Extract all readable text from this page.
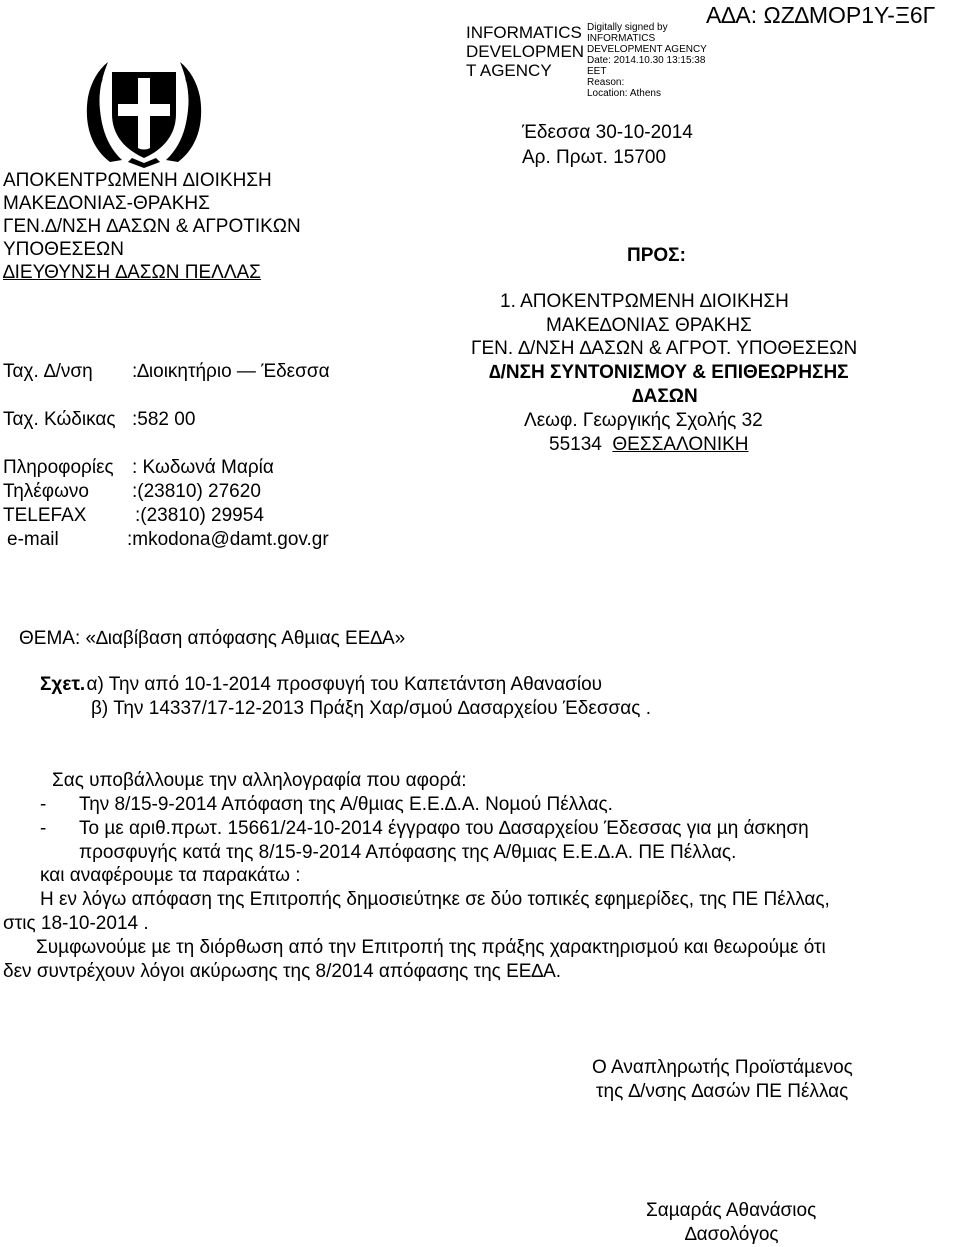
Α∆Α: ΩΖ∆ΜΟΡ1Υ-Ξ6Γ
INFORMATICS
DEVELOPMEN
T AGENCY
Digitally signed by
INFORMATICS
DEVELOPMENT AGENCY
Date: 2014.10.30 13:15:38
EET
Reason:
Location: Athens
ΑΠΟΚΕΝΤΡΩΜΕΝΗ ∆ΙΟΙΚΗΣΗ
ΜΑΚΕ∆ΟΝΙΑΣ-ΘΡΑΚΗΣ
ΓΕΝ.∆/ΝΣΗ ∆ΑΣΩΝ & ΑΓΡΟΤΙΚΩΝ
ΥΠΟΘΕΣΕΩΝ
∆ΙΕΥΘΥΝΣΗ ∆ΑΣΩΝ ΠΕΛΛΑΣ
Έδεσσα 30-10-2014
Αρ. Πρωτ. 15700
Ταχ. ∆/νση :∆ιοικητήριο — Έδεσσα
Ταχ. Κώδικας :582 00
Πληροφορίες : Κωδωνά Μαρία
Τηλέφωνο :(23810) 27620
TELEFAX	:(23810) 29954
e-mail	:mkodona@damt.gov.gr
ΠΡΟΣ:
1. ΑΠΟΚΕΝΤΡΩΜΕΝΗ ∆ΙΟΙΚΗΣΗ
ΜΑΚΕ∆ΟΝΙΑΣ ΘΡΑΚΗΣ
ΓΕΝ. ∆/ΝΣΗ ∆ΑΣΩΝ & ΑΓΡΟΤ. ΥΠΟΘΕΣΕΩΝ
∆/ΝΣΗ ΣΥΝΤΟΝΙΣΜΟΥ & ΕΠΙΘΕΩΡΗΣΗΣ
∆ΑΣΩΝ
Λεωφ. Γεωργικής Σχολής 32
55134 ΘΕΣΣΑΛΟΝΙΚΗ
ΘΕΜΑ: «∆ιαβίβαση απόφασης Αθµιας ΕΕ∆Α»
Σχετ.
: α) Την από 10-1-2014 προσφυγή του Καπετάντση Αθανασίου
β) Την 14337/17-12-2013 Πράξη Χαρ/σµού ∆ασαρχείου Έδεσσας .
Σας υποβάλλουµε την αλληλογραφία που αφορά:
- Την 8/15-9-2014 Απόφαση της Α/θµιας Ε.Ε.∆.Α. Νοµού Πέλλας.
- Το µε αριθ.πρωτ. 15661/24-10-2014 έγγραφο του ∆ασαρχείου Έδεσσας για µη άσκηση
προσφυγής κατά της 8/15-9-2014 Απόφασης της Α/θµιας Ε.Ε.∆.Α. ΠΕ Πέλλας.
και αναφέρουµε τα παρακάτω :
Η εν λόγω απόφαση της Επιτροπής δηµοσιεύτηκε σε δύο τοπικές εφηµερίδες, της ΠΕ Πέλλας,
στις 18-10-2014 .
Συµφωνούµε µε τη διόρθωση από την Επιτροπή της πράξης χαρακτηρισµού και θεωρούµε ότι
δεν συντρέχουν λόγοι ακύρωσης της 8/2014 απόφασης της ΕΕ∆Α.
Ο Αναπληρωτής Προϊστάµενος
της ∆/νσης ∆ασών ΠΕ Πέλλας
Σαµαράς Αθανάσιος
∆ασολόγος
